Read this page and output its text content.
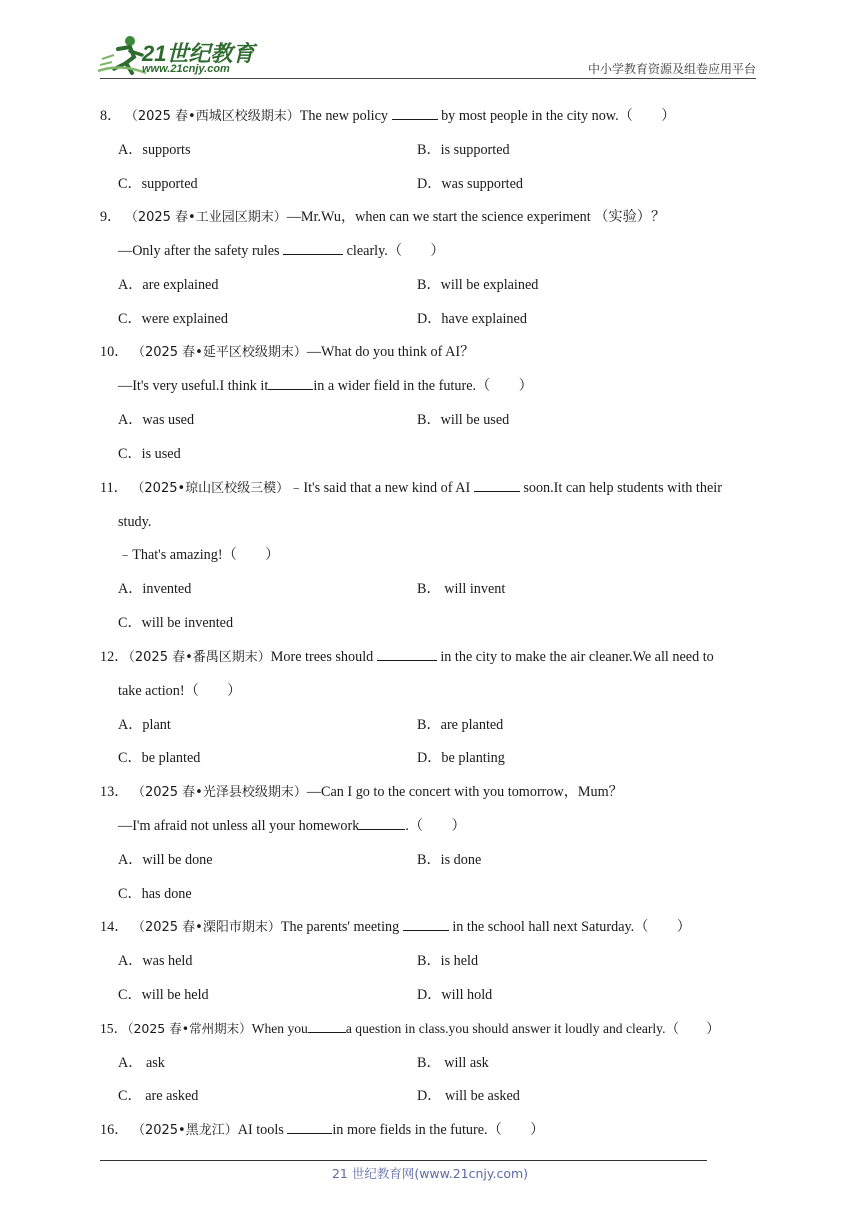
21世纪教育
www.21cnjy.com	中小学教育资源及组卷应用平台
8． （2025 春•西城区校级期末）The new policy	by most people in the city now.（　　）
A．supports	B．is supported
C．supported	D．was supported
9． （2025 春•工业园区期末）—Mr.Wu，when can we start the science experiment （实验）？
—Only after the safety rules	clearly.（　　）
A．are explained	B．will be explained
C．were explained	D．have explained
10． （2025 春•延平区校级期末）—What do you think of AI？
—It's very useful.I think it	in a wider field in the future.（　　）
A．was used	B．will be used
C．is used
11． （2025•琼山区校级三模）﹣It's said that a new kind of AI	soon.It can help students with their
study.
﹣That's amazing!（　　）
A．invented	B． will invent
C．will be invented
12．（2025 春•番禺区期末）More trees should	in the city to make the air cleaner.We all need to
take action!（　　）
A．plant	B．are planted
C．be planted	D．be planting
13． （2025 春•光泽县校级期末）—Can I go to the concert with you tomorrow，Mum？
—I'm afraid not unless all your homework	.（　　）
A．will be done	B．is done
C．has done
14． （2025 春•溧阳市期末）The parents' meeting	in the school hall next Saturday.（　　）
A．was held	B．is held
C．will be held	D．will hold
15．（2025 春•常州期末）When you	a question in class.you should answer it loudly and clearly.（　　）
A． ask	B． will ask
C． are asked	D． will be asked
16． （2025•黑龙江）AI tools	in more fields in the future.（　　）
21 世纪教育网(www.21cnjy.com)
